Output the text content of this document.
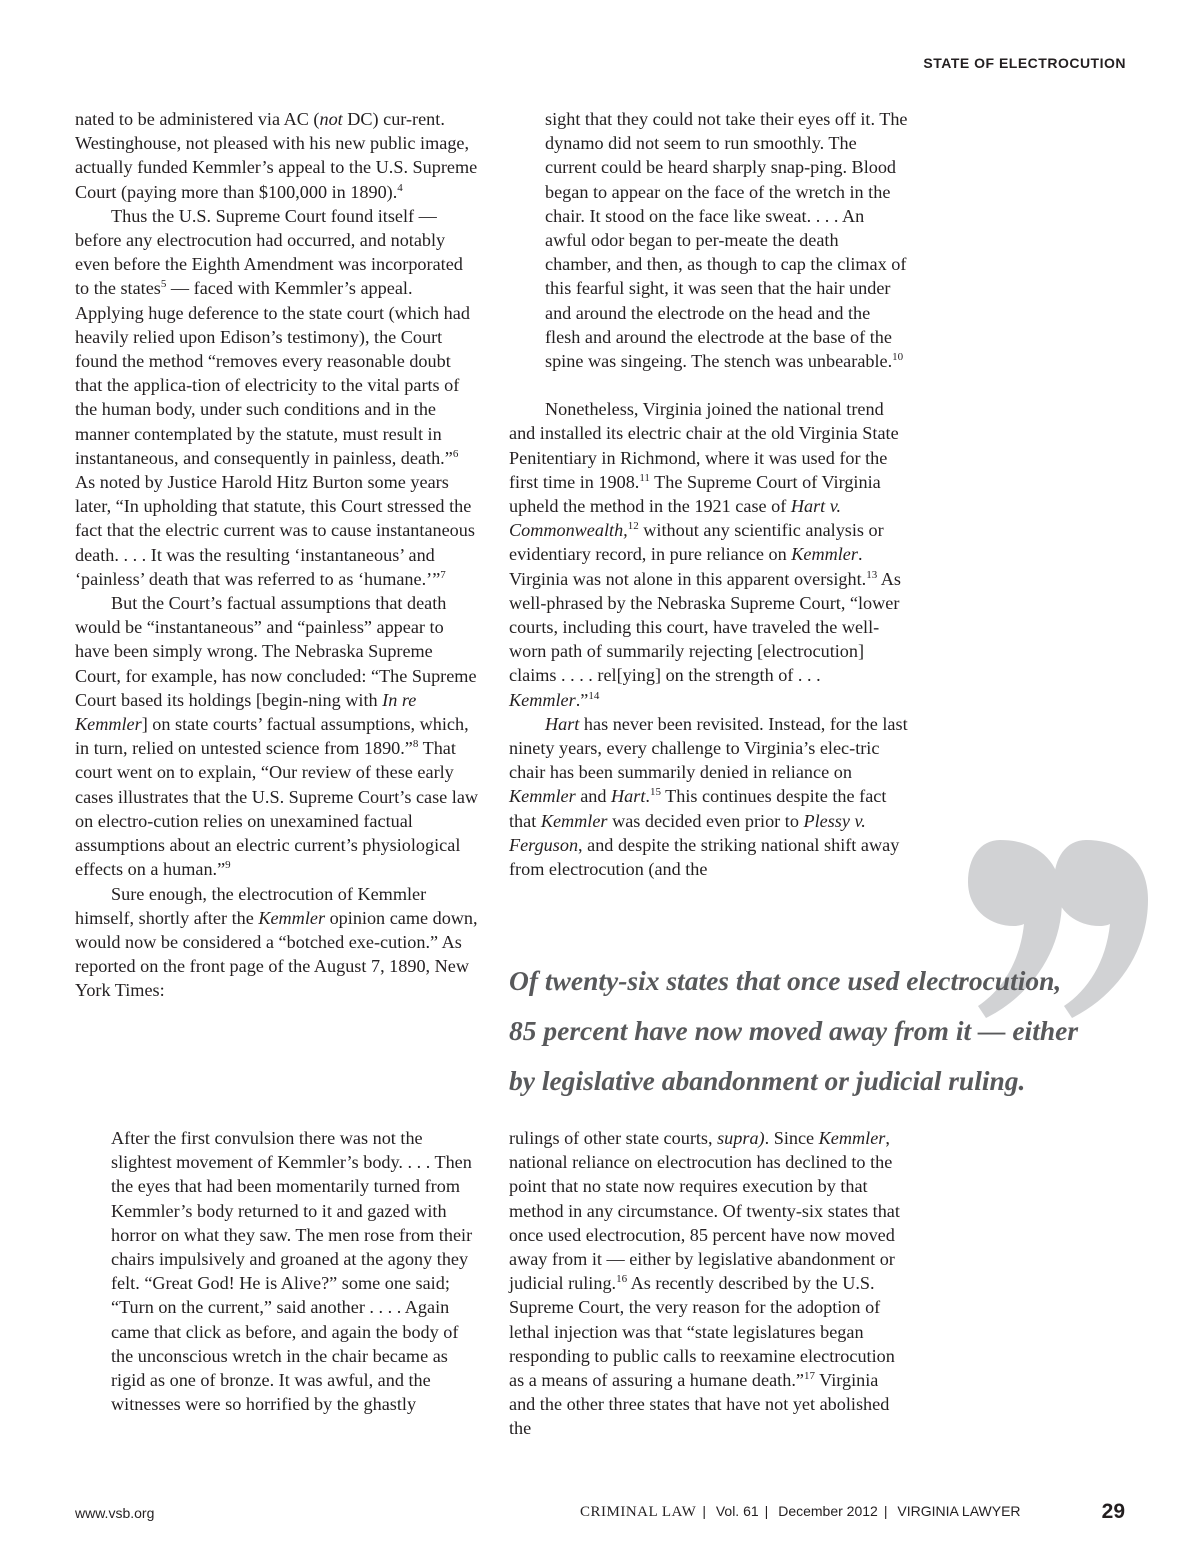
STATE OF ELECTROCUTION

nated to be administered via AC (not DC) cur-rent. Westinghouse, not pleased with his new public image, actually funded Kemmler’s appeal to the U.S. Supreme Court (paying more than $100,000 in 1890).$^4$

Thus the U.S. Supreme Court found itself — before any electrocution had occurred, and notably even before the Eighth Amendment was incorporated to the states$^5$ — faced with Kemmler’s appeal. Applying huge deference to the state court (which had heavily relied upon Edison’s testimony), the Court found the method “removes every reasonable doubt that the applica-tion of electricity to the vital parts of the human body, under such conditions and in the manner contemplated by the statute, must result in instantaneous, and consequently in painless, death.”$^6$ As noted by Justice Harold Hitz Burton some years later, “In upholding that statute, this Court stressed the fact that the electric current was to cause instantaneous death. . . . It was the resulting ‘instantaneous’ and ‘painless’ death that was referred to as ‘humane.’”$^7$

But the Court’s factual assumptions that death would be “instantaneous” and “painless” appear to have been simply wrong. The Nebraska Supreme Court, for example, has now concluded: “The Supreme Court based its holdings [begin-ning with In re Kemmler] on state courts’ factual assumptions, which, in turn, relied on untested science from 1890.”$^8$ That court went on to explain, “Our review of these early cases illustrates that the U.S. Supreme Court’s case law on electro-cution relies on unexamined factual assumptions about an electric current’s physiological effects on a human.”$^9$

Sure enough, the electrocution of Kemmler himself, shortly after the Kemmler opinion came down, would now be considered a “botched exe-cution.” As reported on the front page of the August 7, 1890, New York Times:

sight that they could not take their eyes off it. The dynamo did not seem to run smoothly. The current could be heard sharply snap-ping. Blood began to appear on the face of the wretch in the chair. It stood on the face like sweat. . . . An awful odor began to per-meate the death chamber, and then, as though to cap the climax of this fearful sight, it was seen that the hair under and around the electrode on the head and the flesh and around the electrode at the base of the spine was singeing. The stench was unbearable.$^{10}$

Nonetheless, Virginia joined the national trend and installed its electric chair at the old Virginia State Penitentiary in Richmond, where it was used for the first time in 1908.11 The Supreme Court of Virginia upheld the method in the 1921 case of Hart v. Commonwealth,$^{12}$ without any scientific analysis or evidentiary record, in pure reliance on Kemmler. Virginia was not alone in this apparent oversight.$^{13}$ As well-phrased by the Nebraska Supreme Court, “lower courts, including this court, have traveled the well-worn path of summarily rejecting [electrocution] claims . . . . rel[ying] on the strength of . . . Kemmler.”$^{14}$

Hart has never been revisited. Instead, for the last ninety years, every challenge to Virginia’s elec-tric chair has been summarily denied in reliance on Kemmler and Hart.$^{15}$ This continues despite the fact that Kemmler was decided even prior to Plessy v. Ferguson, and despite the striking national shift away from electrocution (and the

Of twenty-six states that once used electrocution,
85 percent have now moved away from it — either
by legislative abandonment or judicial ruling.

After the first convulsion there was not the slightest movement of Kemmler’s body. . . . Then the eyes that had been momentarily turned from Kemmler’s body returned to it and gazed with horror on what they saw. The men rose from their chairs impulsively and groaned at the agony they felt. “Great God! He is Alive?” some one said; “Turn on the current,” said another . . . . Again came that click as before, and again the body of the unconscious wretch in the chair became as rigid as one of bronze. It was awful, and the witnesses were so horrified by the ghastly

rulings of other state courts, supra). Since Kemmler, national reliance on electrocution has declined to the point that no state now requires execution by that method in any circumstance. Of twenty-six states that once used electrocution, 85 percent have now moved away from it — either by legislative abandonment or judicial ruling.$^{16}$ As recently described by the U.S. Supreme Court, the very reason for the adoption of lethal injection was that “state legislatures began responding to public calls to reexamine electrocution as a means of assuring a humane death.”$^{17}$ Virginia and the other three states that have not yet abolished the

www.vsb.org	CRIMINAL LAW | Vol. 61 | December 2012 | VIRGINIA LAWYER	29
